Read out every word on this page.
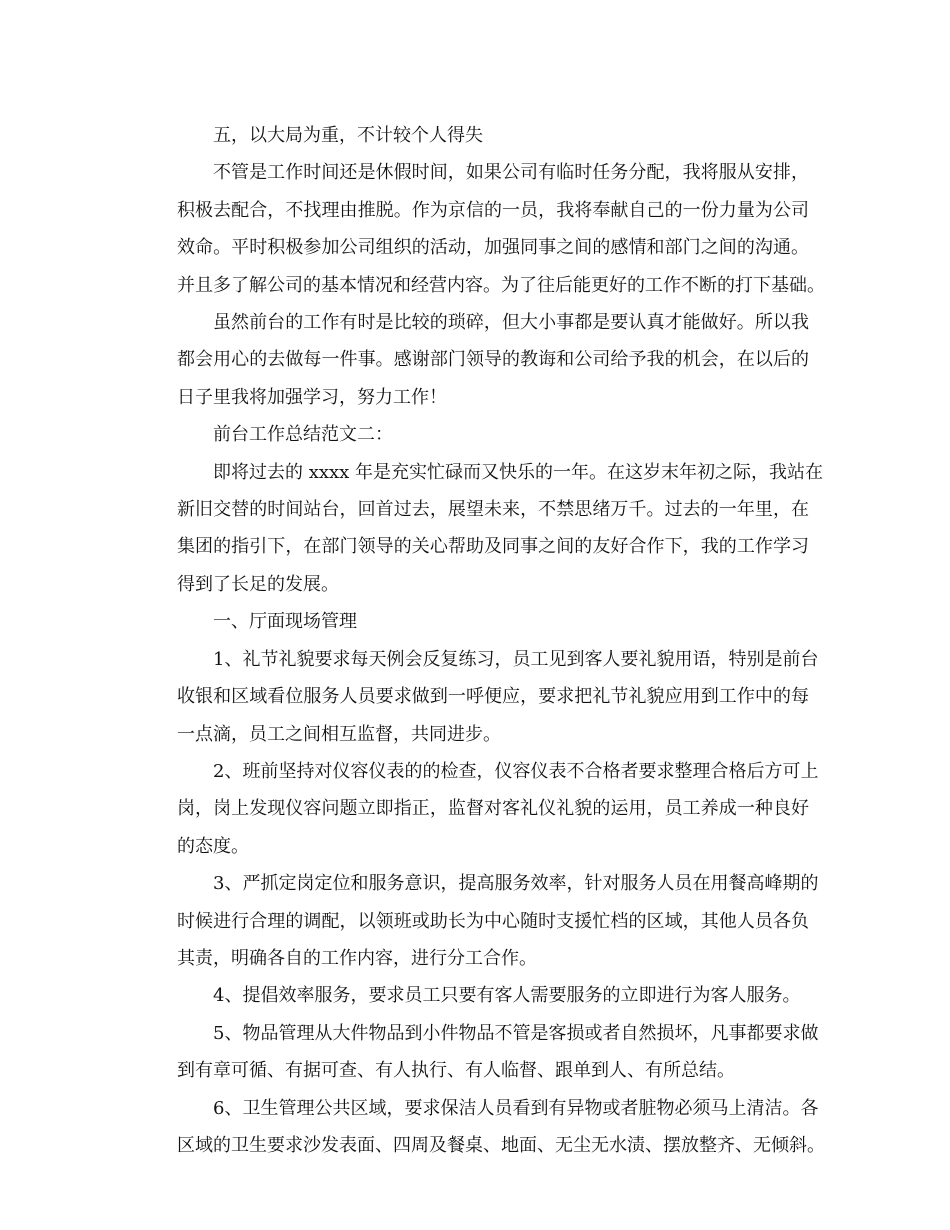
五，以大局为重，不计较个人得失
不管是工作时间还是休假时间，如果公司有临时任务分配，我将服从安排，
积极去配合，不找理由推脱。作为京信的一员，我将奉献自己的一份力量为公司
效命。平时积极参加公司组织的活动，加强同事之间的感情和部门之间的沟通。
并且多了解公司的基本情况和经营内容。为了往后能更好的工作不断的打下基础。
虽然前台的工作有时是比较的琐碎，但大小事都是要认真才能做好。所以我
都会用心的去做每一件事。感谢部门领导的教诲和公司给予我的机会，在以后的
日子里我将加强学习，努力工作！
前台工作总结范文二：
即将过去的 xxxx 年是充实忙碌而又快乐的一年。在这岁末年初之际，我站在
新旧交替的时间站台，回首过去，展望未来，不禁思绪万千。过去的一年里，在
集团的指引下，在部门领导的关心帮助及同事之间的友好合作下，我的工作学习
得到了长足的发展。
一、厅面现场管理
1、礼节礼貌要求每天例会反复练习，员工见到客人要礼貌用语，特别是前台
收银和区域看位服务人员要求做到一呼便应，要求把礼节礼貌应用到工作中的每
一点滴，员工之间相互监督，共同进步。
2、班前坚持对仪容仪表的的检查，仪容仪表不合格者要求整理合格后方可上
岗，岗上发现仪容问题立即指正，监督对客礼仪礼貌的运用，员工养成一种良好
的态度。
3、严抓定岗定位和服务意识，提高服务效率，针对服务人员在用餐高峰期的
时候进行合理的调配，以领班或助长为中心随时支援忙档的区域，其他人员各负
其责，明确各自的工作内容，进行分工合作。
4、提倡效率服务，要求员工只要有客人需要服务的立即进行为客人服务。
5、物品管理从大件物品到小件物品不管是客损或者自然损坏，凡事都要求做
到有章可循、有据可查、有人执行、有人临督、跟单到人、有所总结。
6、卫生管理公共区域，要求保洁人员看到有异物或者脏物必须马上清洁。各
区域的卫生要求沙发表面、四周及餐桌、地面、无尘无水渍、摆放整齐、无倾斜。
